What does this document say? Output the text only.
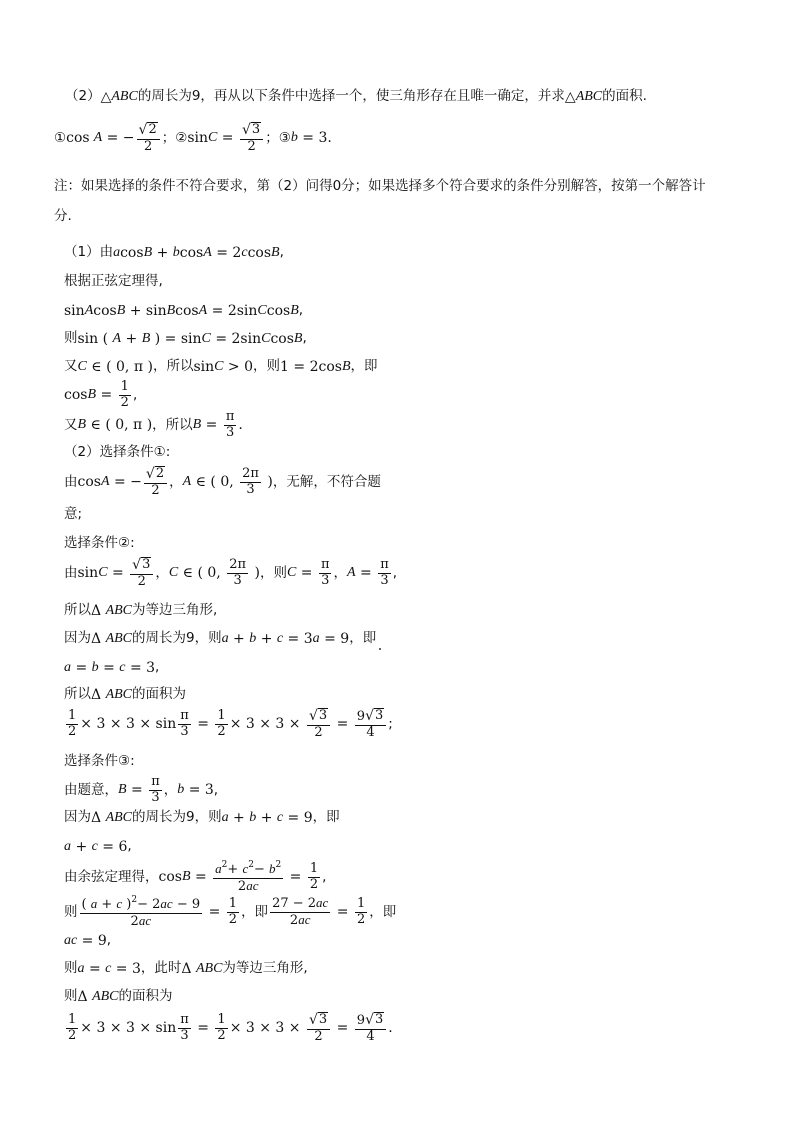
（2） △ ABC 的周长为9，再从以下条件中选择一个，使三角形存在且唯一确定，并求 △ ABC 的面积.
① cos A = − $\frac{√ 2}{2}$ ；② $\sin C = \frac{√ 3}{2}$ ；③ b = 3 .
注：如果选择的条件不符合要求，第（2）问得0分；如果选择多个符合要求的条件分别解答，按第一个解答计
分.
（1）由 a cos B + b cos A = 2 c cos B ,
根据正弦定理得,
sin A cos B + sin B cos A = 2sin C cos B ,
则 sin ( A + B ) = sin C = 2sin C cos B ,
又 C ∈ ( 0, π ) ，所以 sin C > 0 ，则 1 = 2cos B ，即
$\cos B = \frac{1}{2}$ ,
又 B ∈ ( 0, π ) ，所以 $B = \frac{\pi}{3}$ .
（2）选择条件①:
由 cos A = − $\frac{√ 2}{2}$ ， A ∈ ( 0, $\frac{2\pi}{3}$ ) ，无解，不符合题
意;
选择条件②:
由 $\sin C = \frac{√ 3}{2}$ ， C ∈ ( 0, $\frac{2\pi}{3}$ ) ，则 $C = \frac{\pi}{3}$ ， $A = \frac{\pi}{3}$ ,
所以 Δ ABC 为等边三角形,
因为 Δ ABC 的周长为9，则 a + b + c = 3 a = 9 ，即
a = b = c = 3 ,
所以 Δ ABC 的面积为
$\frac{1}{2} \times 3 \times 3 \times \sin \frac{\pi}{3} = \frac{1}{2} \times 3 \times 3 \times \frac{√ 3}{2} = \frac{9 √ 3}{4}$ ;
选择条件③:
由题意， $B = \frac{\pi}{3}$ ， b = 3 ,
因为 Δ ABC 的周长为9，则 a + b + c = 9 ，即
a + c = 6 ,
由余弦定理得， $\cos B = \frac{a^2+ c^2- b^2}{2ac} = \frac{1}{2}$ ,
则 $\frac{( a + c )^2- 2ac - 9}{2ac} = \frac{1}{2}$ ，即 $\frac{27 - 2ac}{2ac} = \frac{1}{2}$ ，即
ac = 9 ,
则 a = c = 3 ，此时 Δ ABC 为等边三角形,
则 Δ ABC 的面积为
$\frac{1}{2} \times 3 \times 3 \times \sin \frac{\pi}{3} = \frac{1}{2} \times 3 \times 3 \times \frac{√ 3}{2} = \frac{9 √ 3}{4}$ .
